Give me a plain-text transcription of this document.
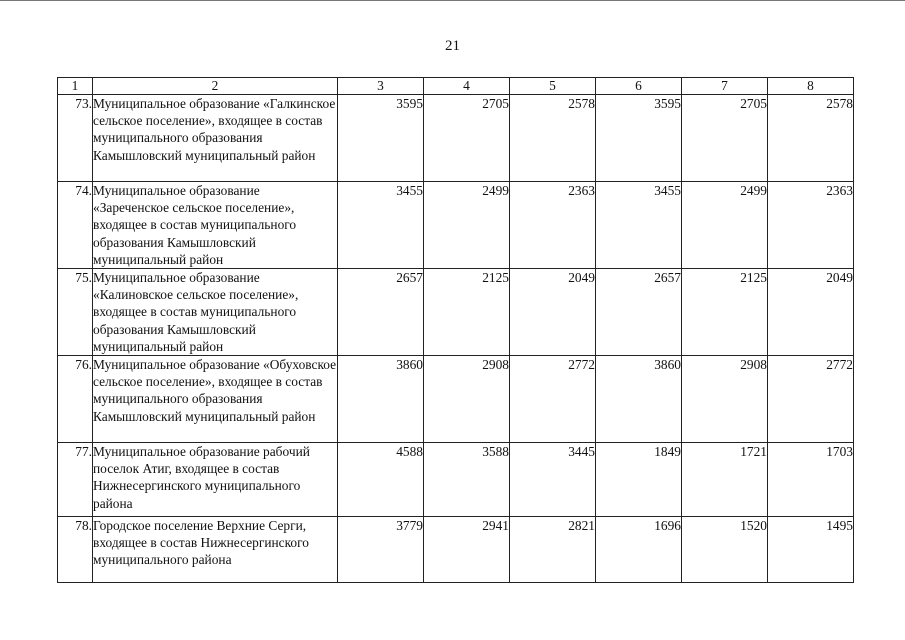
21
1	2	3	4	5	6	7	8
73.	Муниципальное образование «Галкинское сельское поселение», входящее в состав муниципального образования Камышловский муниципальный район	3595	2705	2578	3595	2705	2578
74.	Муниципальное образование «Зареченское сельское поселение», входящее в состав муниципального образования Камышловский муниципальный район	3455	2499	2363	3455	2499	2363
75.	Муниципальное образование «Калиновское сельское поселение», входящее в состав муниципального образования Камышловский муниципальный район	2657	2125	2049	2657	2125	2049
76.	Муниципальное образование «Обуховское сельское поселение», входящее в состав муниципального образования Камышловский муниципальный район	3860	2908	2772	3860	2908	2772
77.	Муниципальное образование рабочий поселок Атиг, входящее в состав Нижнесергинского муниципального района	4588	3588	3445	1849	1721	1703
78.	Городское поселение Верхние Серги, входящее в состав Нижнесергинского муниципального района	3779	2941	2821	1696	1520	1495
